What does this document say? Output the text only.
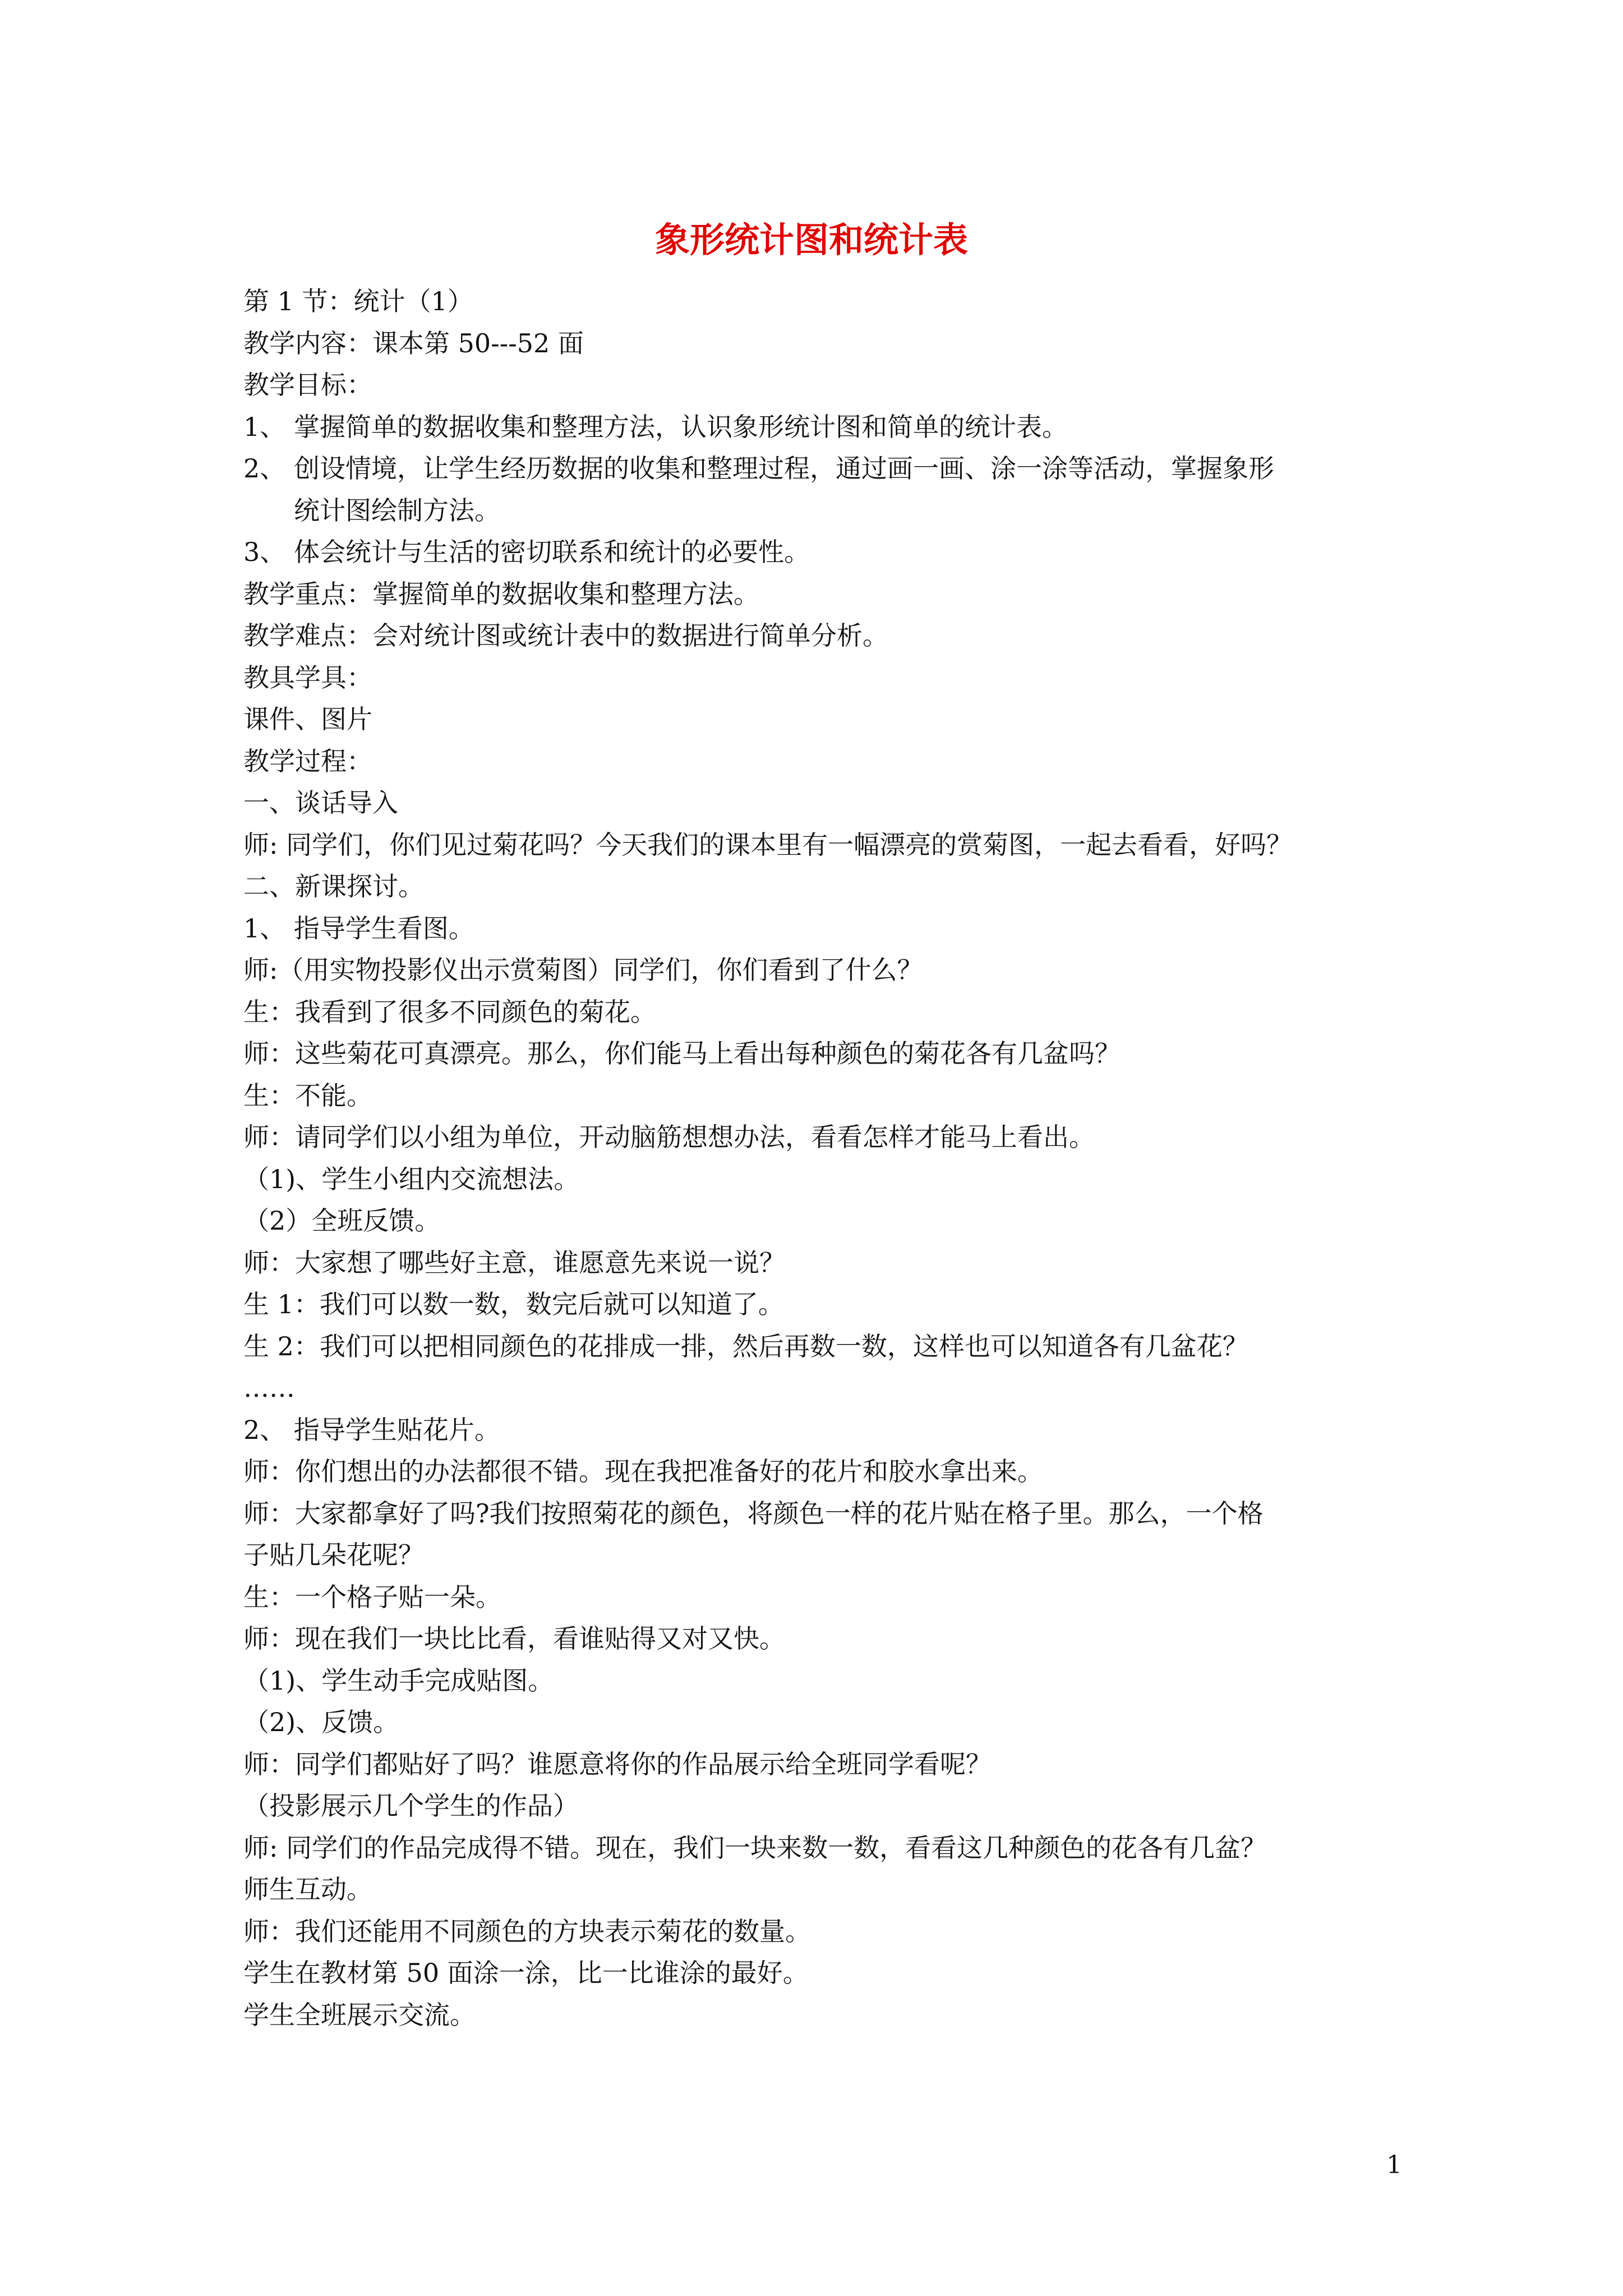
象形统计图和统计表
第 1 节：统计（1）
教学内容：课本第 50---52 面
教学目标：
1、 掌握简单的数据收集和整理方法，认识象形统计图和简单的统计表。
2、 创设情境，让学生经历数据的收集和整理过程，通过画一画、涂一涂等活动，掌握象形
统计图绘制方法。
3、 体会统计与生活的密切联系和统计的必要性。
教学重点：掌握简单的数据收集和整理方法。
教学难点：会对统计图或统计表中的数据进行简单分析。
教具学具：
课件、图片
教学过程：
一、谈话导入
师: 同学们，你们见过菊花吗？今天我们的课本里有一幅漂亮的赏菊图，一起去看看，好吗？
二、新课探讨。
1、 指导学生看图。
师:（用实物投影仪出示赏菊图）同学们，你们看到了什么？
生：我看到了很多不同颜色的菊花。
师：这些菊花可真漂亮。那么，你们能马上看出每种颜色的菊花各有几盆吗？
生：不能。
师：请同学们以小组为单位，开动脑筋想想办法，看看怎样才能马上看出。
（1)、学生小组内交流想法。
（2）全班反馈。
师：大家想了哪些好主意，谁愿意先来说一说？
生 1：我们可以数一数，数完后就可以知道了。
生 2：我们可以把相同颜色的花排成一排，然后再数一数，这样也可以知道各有几盆花？
……
2、 指导学生贴花片。
师：你们想出的办法都很不错。现在我把准备好的花片和胶水拿出来。
师：大家都拿好了吗?我们按照菊花的颜色，将颜色一样的花片贴在格子里。那么，一个格
子贴几朵花呢？
生：一个格子贴一朵。
师：现在我们一块比比看，看谁贴得又对又快。
（1)、学生动手完成贴图。
（2)、反馈。
师：同学们都贴好了吗？谁愿意将你的作品展示给全班同学看呢？
（投影展示几个学生的作品）
师: 同学们的作品完成得不错。现在，我们一块来数一数，看看这几种颜色的花各有几盆？
师生互动。
师：我们还能用不同颜色的方块表示菊花的数量。
学生在教材第 50 面涂一涂，比一比谁涂的最好。
学生全班展示交流。
1
